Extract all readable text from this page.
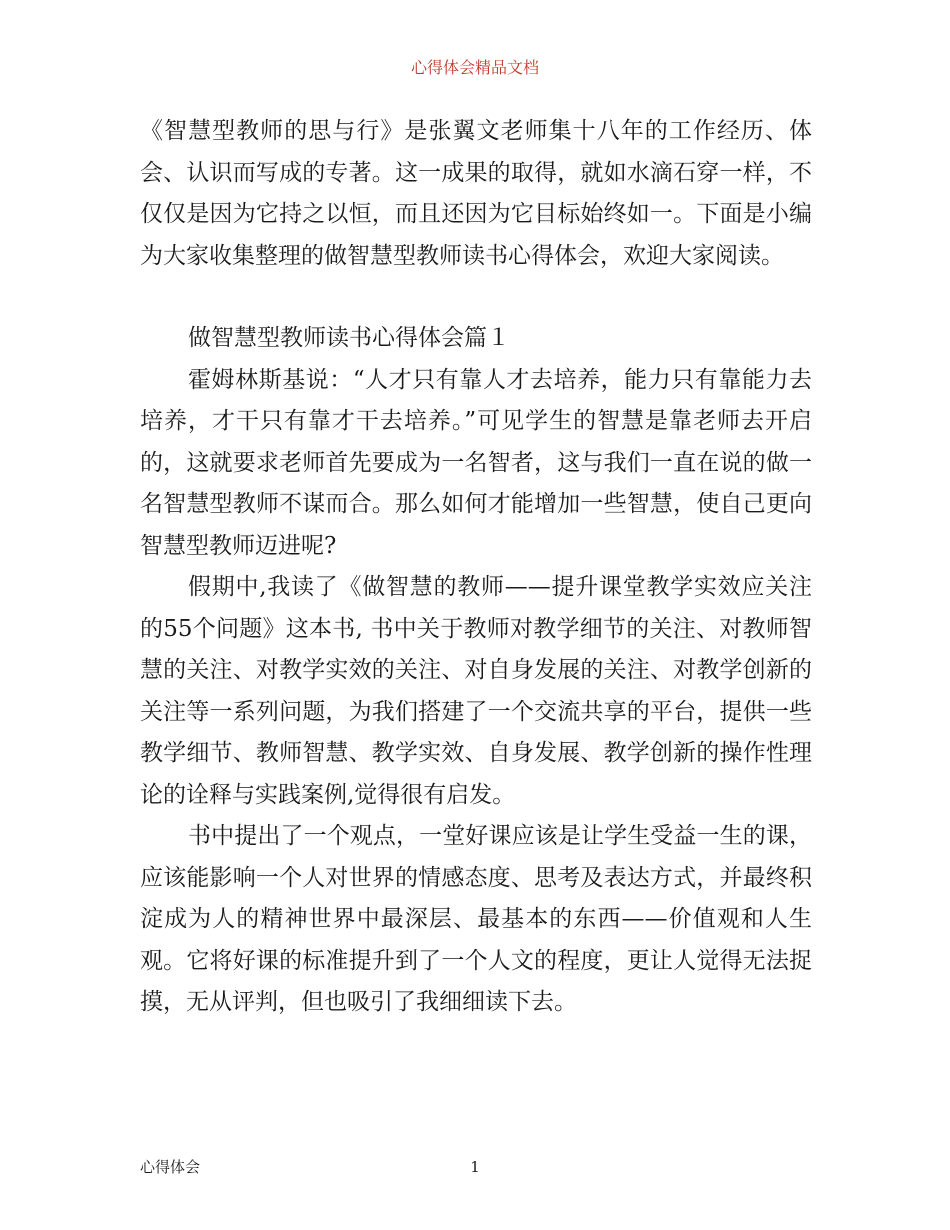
心得体会精品文档

《智慧型教师的思与行》是张翼文老师集十八年的工作经历、体会、认识而写成的专著。这一成果的取得，就如水滴石穿一样，不仅仅是因为它持之以恒，而且还因为它目标始终如一。下面是小编为大家收集整理的做智慧型教师读书心得体会，欢迎大家阅读。

做智慧型教师读书心得体会篇１

霍姆林斯基说：“人才只有靠人才去培养，能力只有靠能力去培养，才干只有靠才干去培养。”可见学生的智慧是靠老师去开启的，这就要求老师首先要成为一名智者，这与我们一直在说的做一名智慧型教师不谋而合。那么如何才能增加一些智慧，使自己更向智慧型教师迈进呢?

假期中,我读了《做智慧的教师——提升课堂教学实效应关注的55个问题》这本书, 书中关于教师对教学细节的关注、对教师智慧的关注、对教学实效的关注、对自身发展的关注、对教学创新的关注等一系列问题，为我们搭建了一个交流共享的平台，提供一些教学细节、教师智慧、教学实效、自身发展、教学创新的操作性理论的诠释与实践案例,觉得很有启发。

书中提出了一个观点，一堂好课应该是让学生受益一生的课，应该能影响一个人对世界的情感态度、思考及表达方式，并最终积淀成为人的精神世界中最深层、最基本的东西——价值观和人生观。它将好课的标准提升到了一个人文的程度，更让人觉得无法捉摸，无从评判，但也吸引了我细细读下去。

心得体会	1
